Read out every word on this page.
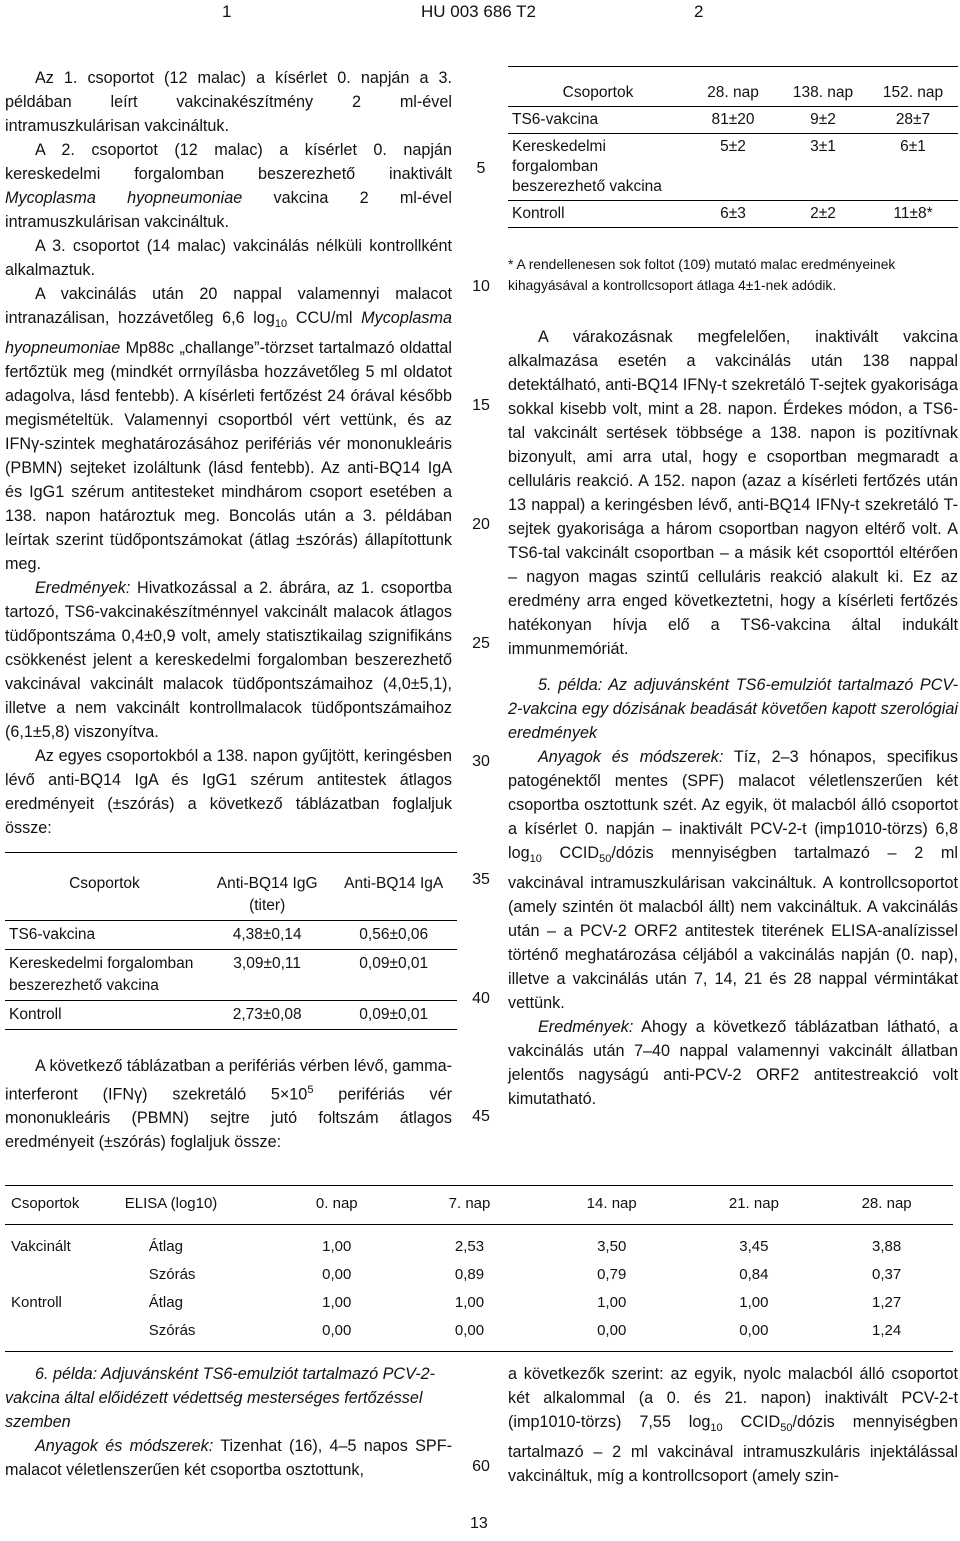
1	HU 003 686 T2	2

Az 1. csoportot (12 malac) a kísérlet 0. napján a 3. példában leírt vakcinakészítmény 2 ml-ével intramuszkulárisan vakcináltuk.

A 2. csoportot (12 malac) a kísérlet 0. napján kereskedelmi forgalomban beszerezhető inaktivált Mycoplasma hyopneumoniae vakcina 2 ml-ével intramuszkulárisan vakcináltuk.

A 3. csoportot (14 malac) vakcinálás nélküli kontrollként alkalmaztuk.

A vakcinálás után 20 nappal valamennyi malacot intranazálisan, hozzávetőleg 6,6 $\log_{10} CCU/ml$ Mycoplasma hyopneumoniae Mp88c „challange”-törzset tartalmazó oldattal fertőztük meg (mindkét orrnyílásba hozzávetőleg 5 ml oldatot adagolva, lásd fentebb). A kísérleti fertőzést 24 órával később megismételtük. Valamennyi csoportból vért vettünk, és az IFNγ-szintek meghatározásához perifériás vér mononukleáris (PBMN) sejteket izoláltunk (lásd fentebb). Az anti-BQ14 IgA és IgG1 szérum antitesteket mindhárom csoport esetében a 138. napon határoztuk meg. Boncolás után a 3. példában leírtak szerint tüdőpontszámokat (átlag ±szórás) állapítottunk meg.

Eredmények: Hivatkozással a 2. ábrára, az 1. csoportba tartozó, TS6-vakcinakészítménnyel vakcinált malacok átlagos tüdőpontszáma 0,4±0,9 volt, amely statisztikailag szignifikáns csökkenést jelent a kereskedelmi forgalomban beszerezhető vakcinával vakcinált malacok tüdőpontszámaihoz (4,0±5,1), illetve a nem vakcinált kontrollmalacok tüdőpontszámaihoz (6,1±5,8) viszonyítva.

Az egyes csoportokból a 138. napon gyűjtött, keringésben lévő anti-BQ14 IgA és IgG1 szérum antitestek átlagos eredményeit (±szórás) a következő táblázatban foglaljuk össze:

Csoportok	Anti-BQ14 IgG (titer)	Anti-BQ14 IgA
TS6-vakcina	4,38±0,14	0,56±0,06
Kereskedelmi forgalomban beszerezhető vakcina	3,09±0,11	0,09±0,01
Kontroll	2,73±0,08	0,09±0,01

A következő táblázatban a perifériás vérben lévő, gamma-interferont (IFNγ) szekretáló $5\times 10^5$ perifériás vér mononukleáris (PBMN) sejtre jutó foltszám átlagos eredményeit (±szórás) foglaljuk össze:

5
10
15
20
25
30
35
40
45
Csoportok	28. nap	138. nap	152. nap
TS6-vakcina	81±20	9±2	28±7
Kereskedelmi forgalomban beszerezhető vakcina	5±2	3±1	6±1
Kontroll	6±3	2±2	11±8*
* A rendellenesen sok foltot (109) mutató malac eredményeinek kihagyásával a kontrollcsoport átlaga 4±1-nek adódik.

A várakozásnak megfelelően, inaktivált vakcina alkalmazása esetén a vakcinálás után 138 nappal detektálható, anti-BQ14 IFNγ-t szekretáló T-sejtek gyakorisága sokkal kisebb volt, mint a 28. napon. Érdekes módon, a TS6-tal vakcinált sertések többsége a 138. napon is pozitívnak bizonyult, ami arra utal, hogy e csoportban megmaradt a celluláris reakció. A 152. napon (azaz a kísérleti fertőzés után 13 nappal) a keringésben lévő, anti-BQ14 IFNγ-t szekretáló T-sejtek gyakorisága a három csoportban nagyon eltérő volt. A TS6-tal vakcinált csoportban – a másik két csoporttól eltérően – nagyon magas szintű celluláris reakció alakult ki. Ez az eredmény arra enged következtetni, hogy a kísérleti fertőzés hatékonyan hívja elő a TS6-vakcina által indukált immunmemóriát.

5. példa: Az adjuvánsként TS6-emulziót tartalmazó PCV-2-vakcina egy dózisának beadását követően kapott szerológiai eredmények

Anyagok és módszerek: Tíz, 2–3 hónapos, specifikus patogénektől mentes (SPF) malacot véletlenszerűen két csoportba osztottunk szét. Az egyik, öt malacból álló csoportot a kísérlet 0. napján – inaktivált PCV-2-t (imp1010-törzs) 6,8 $\log_{10}$ $CCID_{50}$/dózis mennyiségben tartalmazó – 2 ml vakcinával intramuszkulárisan vakcináltuk. A kontrollcsoportot (amely szintén öt malacból állt) nem vakcináltuk. A vakcinálás után – a PCV-2 ORF2 antitestek titerének ELISA-analízissel történő meghatározása céljából a vakcinálás napján (0. nap), illetve a vakcinálás után 7, 14, 21 és 28 nappal vérmintákat vettünk.

Eredmények: Ahogy a következő táblázatban látható, a vakcinálás után 7–40 nappal valamennyi vakcinált állatban jelentős nagyságú anti-PCV-2 ORF2 antitestreakció volt kimutatható.

Csoportok	ELISA (log10)	0. nap	7. nap	14. nap	21. nap	28. nap
Vakcinált	Átlag	1,00	2,53	3,50	3,45	3,88
	Szórás	0,00	0,89	0,79	0,84	0,37
Kontroll	Átlag	1,00	1,00	1,00	1,00	1,27
	Szórás	0,00	0,00	0,00	0,00	1,24

6. példa: Adjuvánsként TS6-emulziót tartalmazó PCV-2-vakcina által előidézett védettség mesterséges fertőzéssel szemben

Anyagok és módszerek: Tizenhat (16), 4–5 napos SPF-malacot véletlenszerűen két csoportba osztottunk,	60

a következők szerint: az egyik, nyolc malacból álló csoportot két alkalommal (a 0. és 21. napon) inaktivált PCV-2-t (imp1010-törzs) 7,55 $\log_{10}$ $CCID_{50}$/dózis mennyiségben tartalmazó – 2 ml vakcinával intramuszkuláris injektálással vakcináltuk, míg a kontrollcsoport (amely szin-

13
